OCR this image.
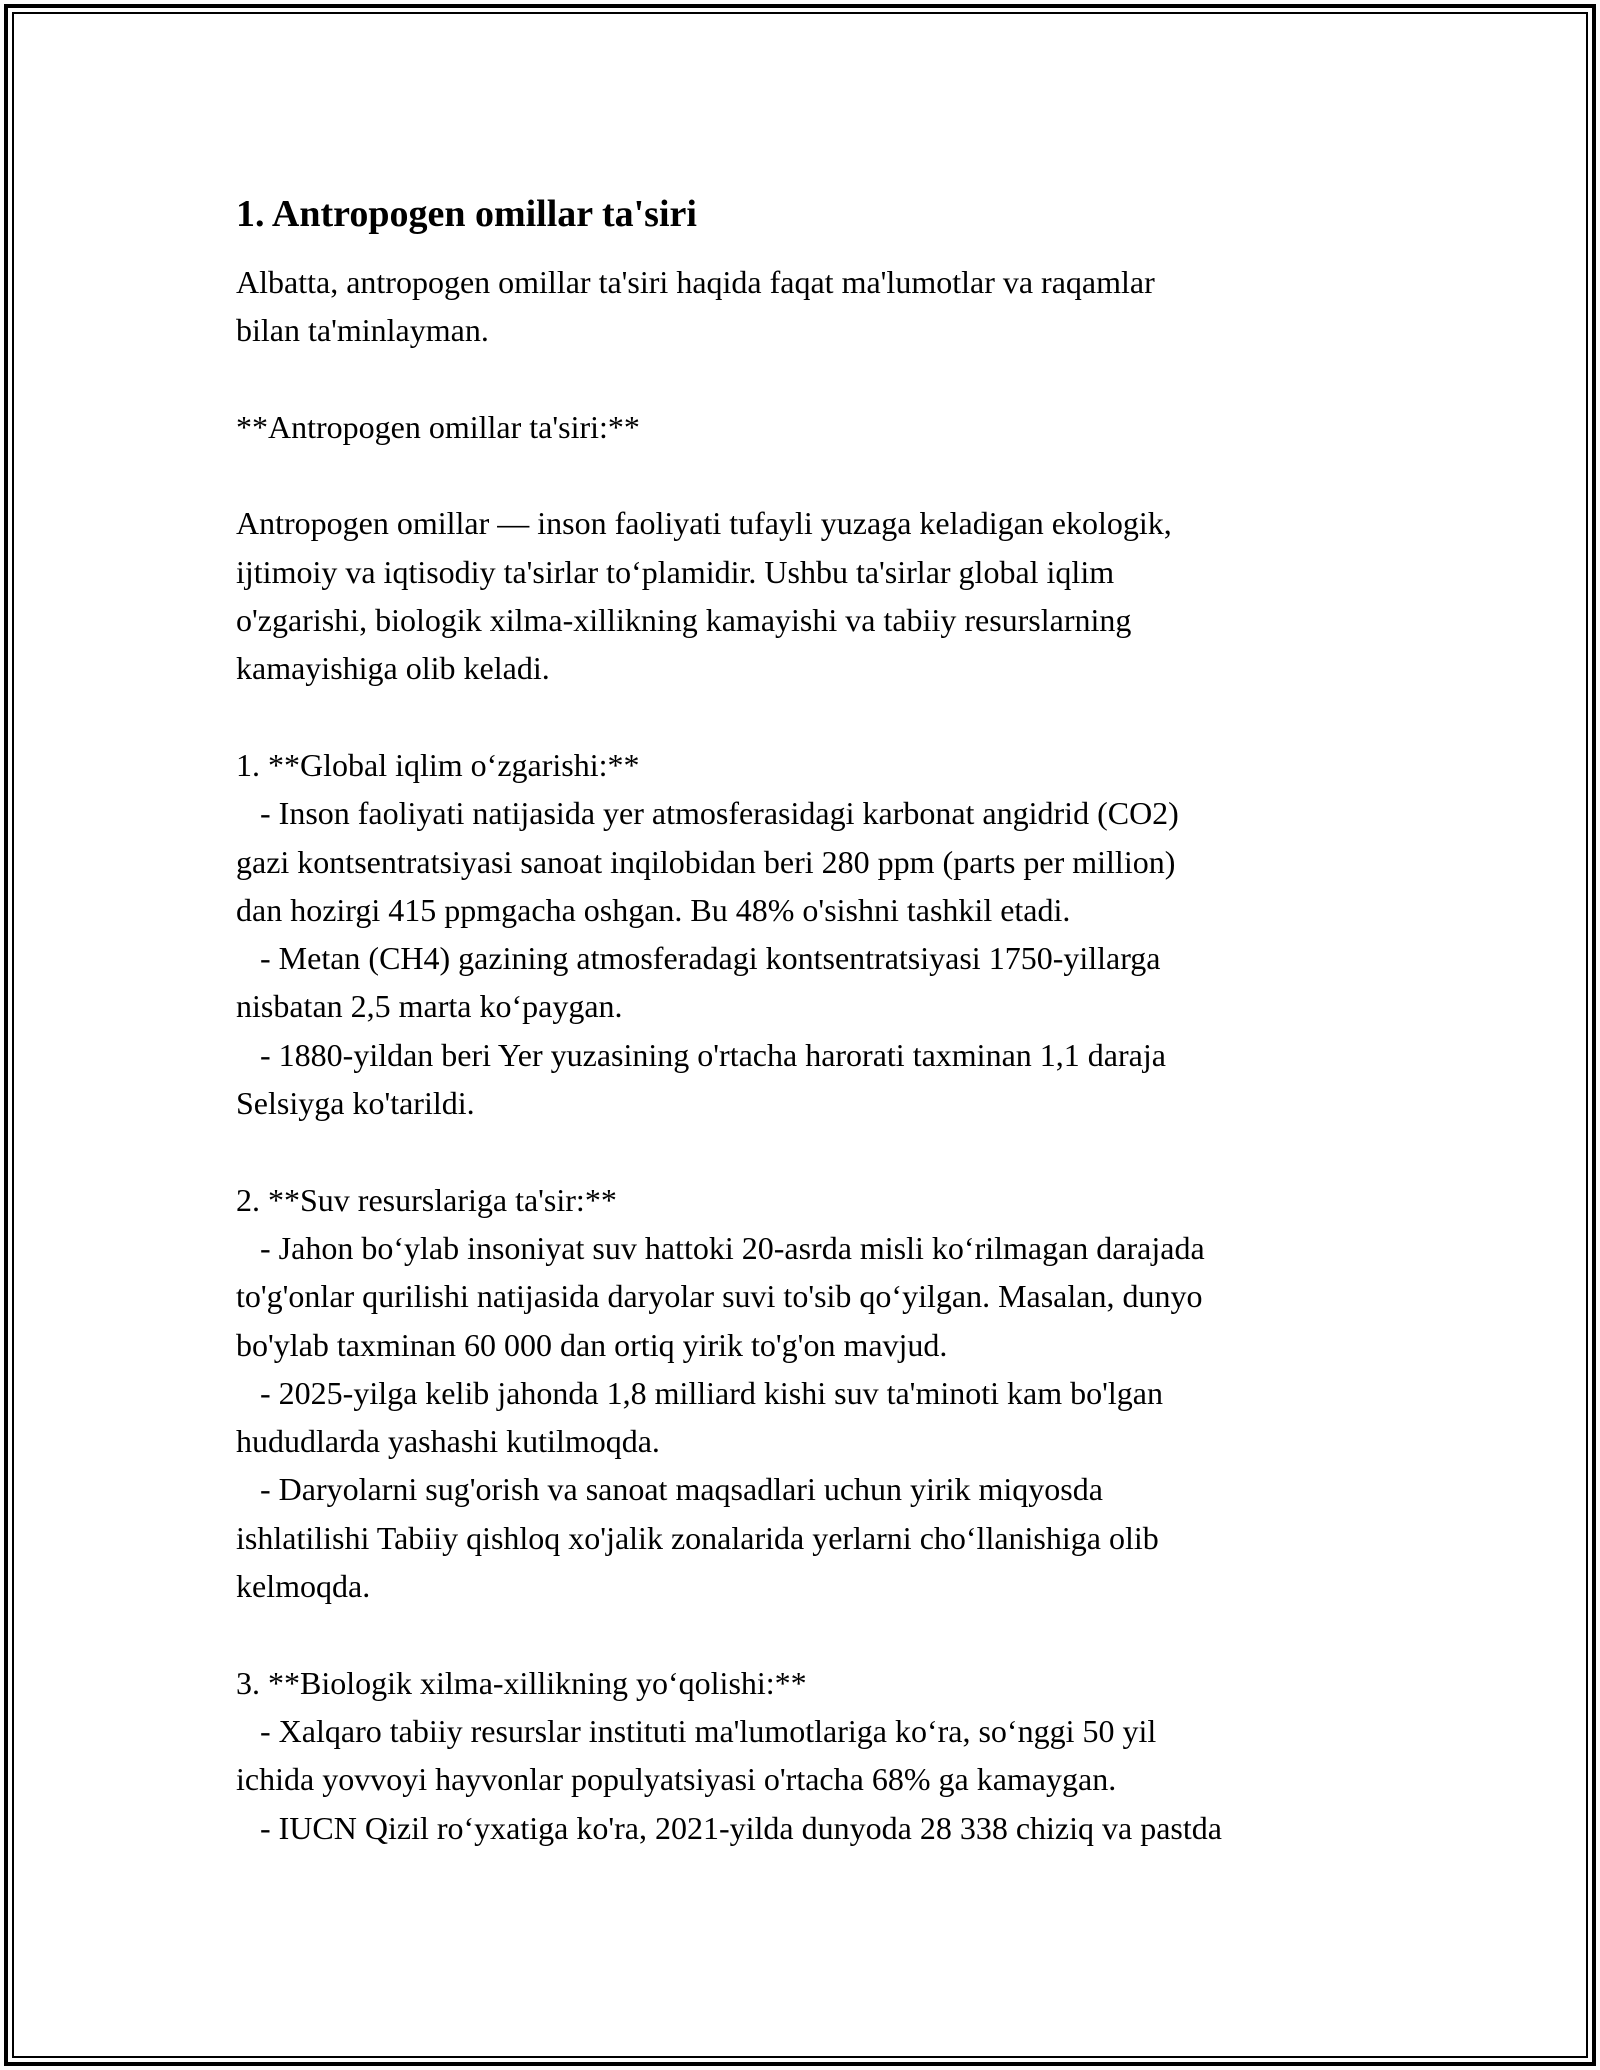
1. Antropogen omillar ta'siri

Albatta, antropogen omillar ta'siri haqida faqat ma'lumotlar va raqamlar

bilan ta'minlayman.

**Antropogen omillar ta'siri:**

Antropogen omillar — inson faoliyati tufayli yuzaga keladigan ekologik,

ijtimoiy va iqtisodiy ta'sirlar to‘plamidir. Ushbu ta'sirlar global iqlim

o'zgarishi, biologik xilma-xillikning kamayishi va tabiiy resurslarning

kamayishiga olib keladi.

1. **Global iqlim o‘zgarishi:**

- Inson faoliyati natijasida yer atmosferasidagi karbonat angidrid (CO2)

gazi kontsentratsiyasi sanoat inqilobidan beri 280 ppm (parts per million)

dan hozirgi 415 ppmgacha oshgan. Bu 48% o'sishni tashkil etadi.

- Metan (CH4) gazining atmosferadagi kontsentratsiyasi 1750-yillarga

nisbatan 2,5 marta ko‘paygan.

- 1880-yildan beri Yer yuzasining o'rtacha harorati taxminan 1,1 daraja

Selsiyga ko'tarildi.

2. **Suv resurslariga ta'sir:**

- Jahon bo‘ylab insoniyat suv hattoki 20-asrda misli ko‘rilmagan darajada

to'g'onlar qurilishi natijasida daryolar suvi to'sib qo‘yilgan. Masalan, dunyo

bo'ylab taxminan 60 000 dan ortiq yirik to'g'on mavjud.

- 2025-yilga kelib jahonda 1,8 milliard kishi suv ta'minoti kam bo'lgan

hududlarda yashashi kutilmoqda.

- Daryolarni sug'orish va sanoat maqsadlari uchun yirik miqyosda

ishlatilishi Tabiiy qishloq xo'jalik zonalarida yerlarni cho‘llanishiga olib

kelmoqda.

3. **Biologik xilma-xillikning yo‘qolishi:**

- Xalqaro tabiiy resurslar instituti ma'lumotlariga ko‘ra, so‘nggi 50 yil

ichida yovvoyi hayvonlar populyatsiyasi o'rtacha 68% ga kamaygan.

- IUCN Qizil ro‘yxatiga ko'ra, 2021-yilda dunyoda 28 338 chiziq va pastda
